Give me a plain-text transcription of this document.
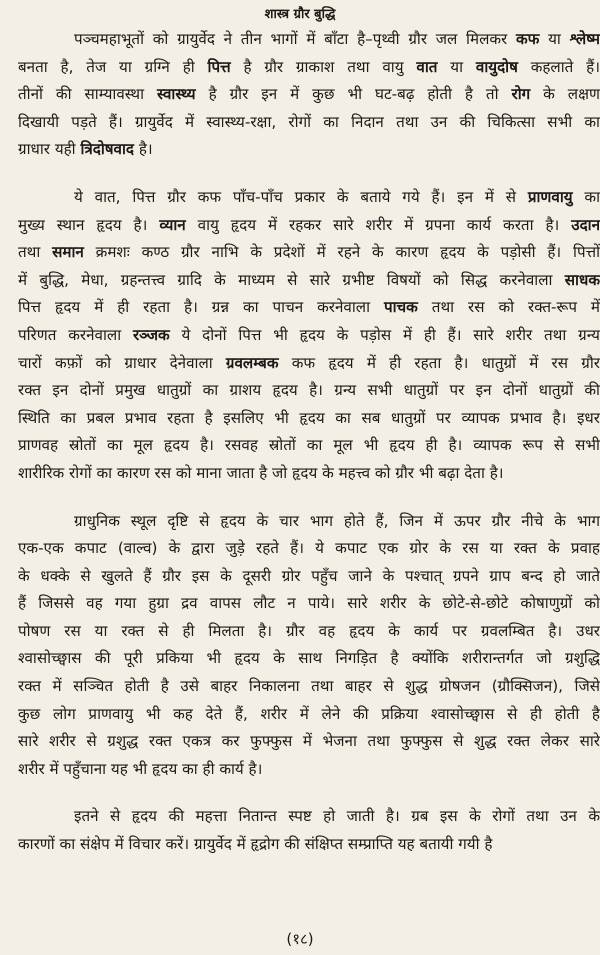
शास्त्र ग्रौर बुद्धि
पञ्चमहाभूतों को ग्रायुर्वेद ने तीन भागों में बाँटा है–पृथ्वी ग्रौर जल मिलकर कफ या श्लेष्म
बनता है, तेज या ग्रग्नि ही पित्त है ग्रौर ग्राकाश तथा वायु वात या वायुदोष कहलाते हैं।
तीनों की साम्यावस्था स्वास्थ्य है ग्रौर इन में कुछ भी घट-बढ़ होती है तो रोग के लक्षण
दिखायी पड़ते हैं। ग्रायुर्वेद में स्वास्थ्य-रक्षा, रोगों का निदान तथा उन की चिकित्सा सभी का
ग्राधार यही त्रिदोषवाद है।
ये वात, पित्त ग्रौर कफ पाँच-पाँच प्रकार के बताये गये हैं। इन में से प्राणवायु का
मुख्य स्थान हृदय है। व्यान वायु हृदय में रहकर सारे शरीर में ग्रपना कार्य करता है। उदान
तथा समान क्रमशः कण्ठ ग्रौर नाभि के प्रदेशों में रहने के कारण हृदय के पड़ोसी हैं। पित्तों
में बुद्धि, मेधा, ग्रहन्तत्त्व ग्रादि के माध्यम से सारे ग्रभीष्ट विषयों को सिद्ध करनेवाला साधक
पित्त हृदय में ही रहता है। ग्रन्न का पाचन करनेवाला पाचक तथा रस को रक्त-रूप में
परिणत करनेवाला रञ्जक ये दोनों पित्त भी हृदय के पड़ोस में ही हैं। सारे शरीर तथा ग्रन्य
चारों कफ़ों को ग्राधार देनेवाला ग्रवलम्बक कफ हृदय में ही रहता है। धातुग्रों में रस ग्रौर
रक्त इन दोनों प्रमुख धातुग्रों का ग्राशय हृदय है। ग्रन्य सभी धातुग्रों पर इन दोनों धातुग्रों की
स्थिति का प्रबल प्रभाव रहता है इसलिए भी हृदय का सब धातुग्रों पर व्यापक प्रभाव है। इधर
प्राणवह स्रोतों का मूल हृदय है। रसवह स्रोतों का मूल भी हृदय ही है। व्यापक रूप से सभी
शारीरिक रोगों का कारण रस को माना जाता है जो हृदय के महत्त्व को ग्रौर भी बढ़ा देता है।
ग्राधुनिक स्थूल दृष्टि से हृदय के चार भाग होते हैं, जिन में ऊपर ग्रौर नीचे के भाग
एक-एक कपाट (वाल्व) के द्वारा जुड़े रहते हैं। ये कपाट एक ग्रोर के रस या रक्त के प्रवाह
के धक्के से खुलते हैं ग्रौर इस के दूसरी ग्रोर पहुँच जाने के पश्चात् ग्रपने ग्राप बन्द हो जाते
हैं जिससे वह गया हुग्रा द्रव वापस लौट न पाये। सारे शरीर के छोटे-से-छोटे कोषाणुग्रों को
पोषण रस या रक्त से ही मिलता है। ग्रौर वह हृदय के कार्य पर ग्रवलम्बित है। उधर
श्वासोच्छ्वास की पूरी प्रकिया भी हृदय के साथ निगड़ित है क्योंकि शरीरान्तर्गत जो ग्रशुद्धि
रक्त में सञ्चित होती है उसे बाहर निकालना तथा बाहर से शुद्ध ग्रोषजन (ग्रौक्सिजन), जिसे
कुछ लोग प्राणवायु भी कह देते हैं, शरीर में लेने की प्रक्रिया श्वासोच्छ्वास से ही होती है
सारे शरीर से ग्रशुद्ध रक्त एकत्र कर फुफ्फुस में भेजना तथा फुफ्फुस से शुद्ध रक्त लेकर सारे
शरीर में पहुँचाना यह भी हृदय का ही कार्य है।
इतने से हृदय की महत्ता नितान्त स्पष्ट हो जाती है। ग्रब इस के रोगों तथा उन के
कारणों का संक्षेप में विचार करें। ग्रायुर्वेद में हृद्रोग की संक्षिप्त सम्प्राप्ति यह बतायी गयी है
(१८)
